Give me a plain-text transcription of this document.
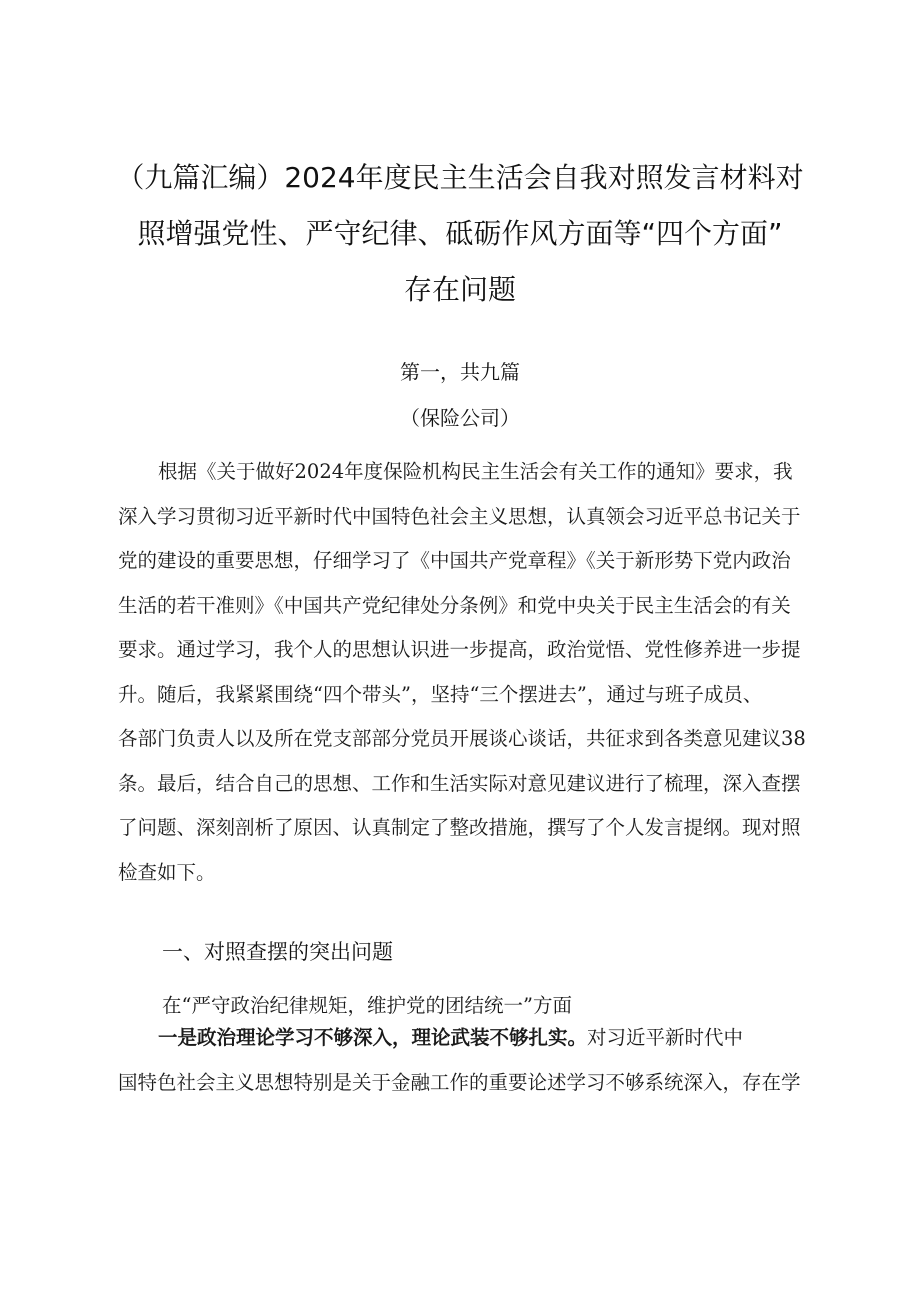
（九篇汇编）2024年度民主生活会自我对照发言材料对
照增强党性、严守纪律、砥砺作风方面等“四个方面”
存在问题
第一，共九篇
（保险公司）
根据《关于做好2024年度保险机构民主生活会有关工作的通知》要求，我
深入学习贯彻习近平新时代中国特色社会主义思想，认真领会习近平总书记关于
党的建设的重要思想，仔细学习了《中国共产党章程》《关于新形势下党内政治
生活的若干准则》《中国共产党纪律处分条例》和党中央关于民主生活会的有关
要求。通过学习，我个人的思想认识进一步提高，政治觉悟、党性修养进一步提
升。随后，我紧紧围绕“四个带头”，坚持“三个摆进去”，通过与班子成员、
各部门负责人以及所在党支部部分党员开展谈心谈话，共征求到各类意见建议38
条。最后，结合自己的思想、工作和生活实际对意见建议进行了梳理，深入查摆
了问题、深刻剖析了原因、认真制定了整改措施，撰写了个人发言提纲。现对照
检查如下。
一、对照查摆的突出问题
在“严守政治纪律规矩，维护党的团结统一”方面
一是政治理论学习不够深入，理论武装不够扎实。对习近平新时代中
国特色社会主义思想特别是关于金融工作的重要论述学习不够系统深入，存在学
